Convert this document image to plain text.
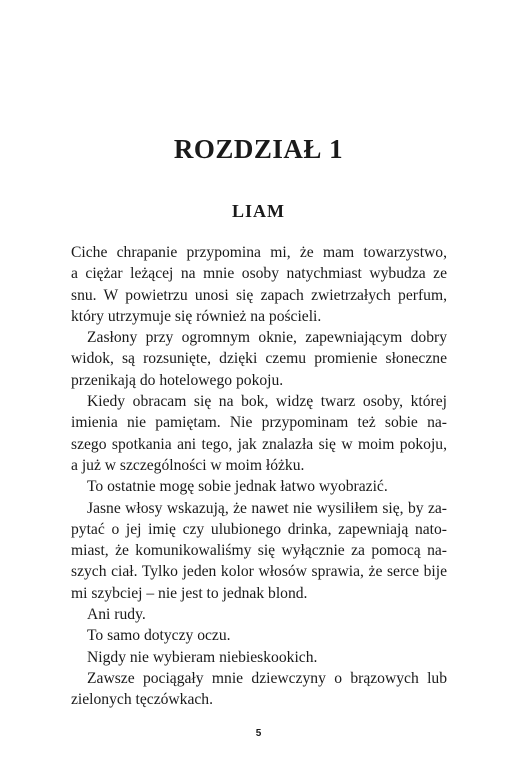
ROZDZIAŁ 1
LIAM
Ciche chrapanie przypomina mi, że mam towarzystwo,
a ciężar leżącej na mnie osoby natychmiast wybudza ze
snu. W powietrzu unosi się zapach zwietrzałych perfum,
który utrzymuje się również na pościeli.
Zasłony przy ogromnym oknie, zapewniającym dobry
widok, są rozsunięte, dzięki czemu promienie słoneczne
przenikają do hotelowego pokoju.
Kiedy obracam się na bok, widzę twarz osoby, której
imienia nie pamiętam. Nie przypominam też sobie na-
szego spotkania ani tego, jak znalazła się w moim pokoju,
a już w szczególności w moim łóżku.
To ostatnie mogę sobie jednak łatwo wyobrazić.
Jasne włosy wskazują, że nawet nie wysiliłem się, by za-
pytać o jej imię czy ulubionego drinka, zapewniają nato-
miast, że komunikowaliśmy się wyłącznie za pomocą na-
szych ciał. Tylko jeden kolor włosów sprawia, że serce bije
mi szybciej – nie jest to jednak blond.
Ani rudy.
To samo dotyczy oczu.
Nigdy nie wybieram niebieskookich.
Zawsze pociągały mnie dziewczyny o brązowych lub
zielonych tęczówkach.
5
